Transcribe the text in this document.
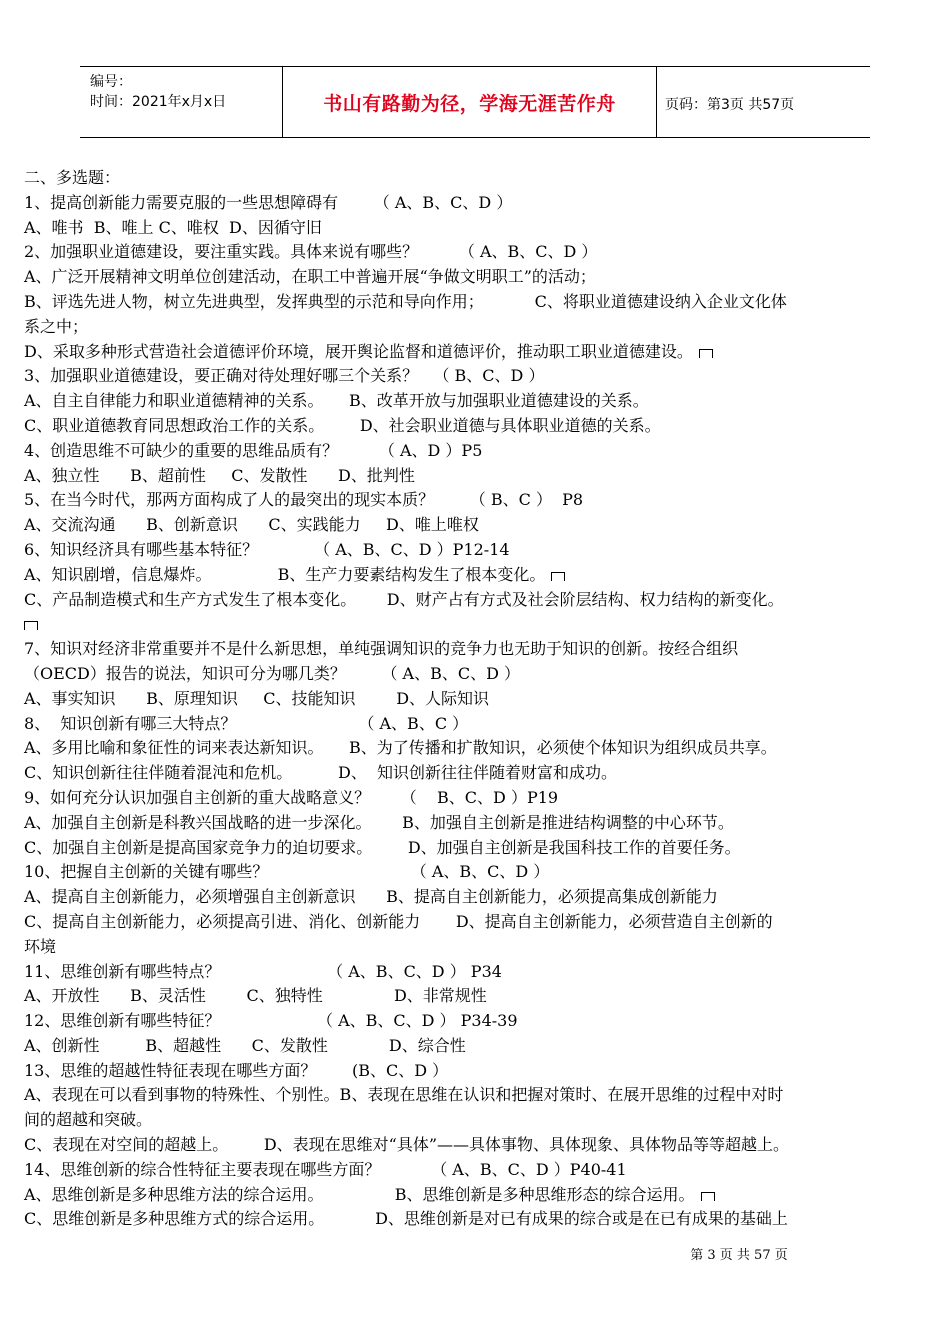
编号：
时间：2021年x月x日	书山有路勤为径，学海无涯苦作舟	页码：第3页 共57页
二、多选题：
1、提高创新能力需要克服的一些思想障碍有       （ A、B、C、D ）
A、唯书  B、唯上 C、唯权  D、因循守旧
2、加强职业道德建设，要注重实践。具体来说有哪些？        （ A、B、C、D ）
A、广泛开展精神文明单位创建活动，在职工中普遍开展“争做文明职工”的活动；
B、评选先进人物，树立先进典型，发挥典型的示范和导向作用；          C、将职业道德建设纳入企业文化体
系之中；
D、采取多种形式营造社会道德评价环境，展开舆论监督和道德评价，推动职工职业道德建设。
3、加强职业道德建设，要正确对待处理好哪三个关系？   （ B、C、D ）
A、自主自律能力和职业道德精神的关系。     B、改革开放与加强职业道德建设的关系。
C、职业道德教育同思想政治工作的关系。       D、社会职业道德与具体职业道德的关系。
4、创造思维不可缺少的重要的思维品质有？        （ A、D ）P5
A、独立性      B、超前性     C、发散性      D、批判性
5、在当今时代，那两方面构成了人的最突出的现实本质？       （ B、C ）  P8
A、交流沟通      B、创新意识      C、实践能力     D、唯上唯权
6、知识经济具有哪些基本特征？           （ A、B、C、D ）P12-14
A、知识剧增，信息爆炸。             B、生产力要素结构发生了根本变化。
C、产品制造模式和生产方式发生了根本变化。      D、财产占有方式及社会阶层结构、权力结构的新变化。
7、知识对经济非常重要并不是什么新思想，单纯强调知识的竞争力也无助于知识的创新。按经合组织
（OECD）报告的说法，知识可分为哪几类？       （ A、B、C、D ）
A、事实知识      B、原理知识     C、技能知识        D、人际知识
8、  知识创新有哪三大特点？                        （ A、B、C ）
A、多用比喻和象征性的词来表达新知识。     B、为了传播和扩散知识，必须使个体知识为组织成员共享。
C、知识创新往往伴随着混沌和危机。         D、  知识创新往往伴随着财富和成功。
9、如何充分认识加强自主创新的重大战略意义？      （    B、C、D ）P19
A、加强自主创新是科教兴国战略的进一步深化。      B、加强自主创新是推进结构调整的中心环节。
C、加强自主创新是提高国家竞争力的迫切要求。       D、加强自主创新是我国科技工作的首要任务。
10、把握自主创新的关键有哪些？                            （ A、B、C、D ）
A、提高自主创新能力，必须增强自主创新意识      B、提高自主创新能力，必须提高集成创新能力
C、提高自主创新能力，必须提高引进、消化、创新能力       D、提高自主创新能力，必须营造自主创新的
环境
11、思维创新有哪些特点？                     （ A、B、C、D ） P34
A、开放性      B、灵活性        C、独特性              D、非常规性
12、思维创新有哪些特征？                   （ A、B、C、D ） P34-39
A、创新性         B、超越性      C、发散性            D、综合性
13、思维的超越性特征表现在哪些方面？       (B、C、D ）
A、表现在可以看到事物的特殊性、个别性。B、表现在思维在认识和把握对策时、在展开思维的过程中对时
间的超越和突破。
C、表现在对空间的超越上。       D、表现在思维对“具体”——具体事物、具体现象、具体物品等等超越上。
14、思维创新的综合性特征主要表现在哪些方面？          （ A、B、C、D ）P40-41
A、思维创新是多种思维方法的综合运用。              B、思维创新是多种思维形态的综合运用。
C、思维创新是多种思维方式的综合运用。          D、思维创新是对已有成果的综合或是在已有成果的基础上
第 3 页 共 57 页
